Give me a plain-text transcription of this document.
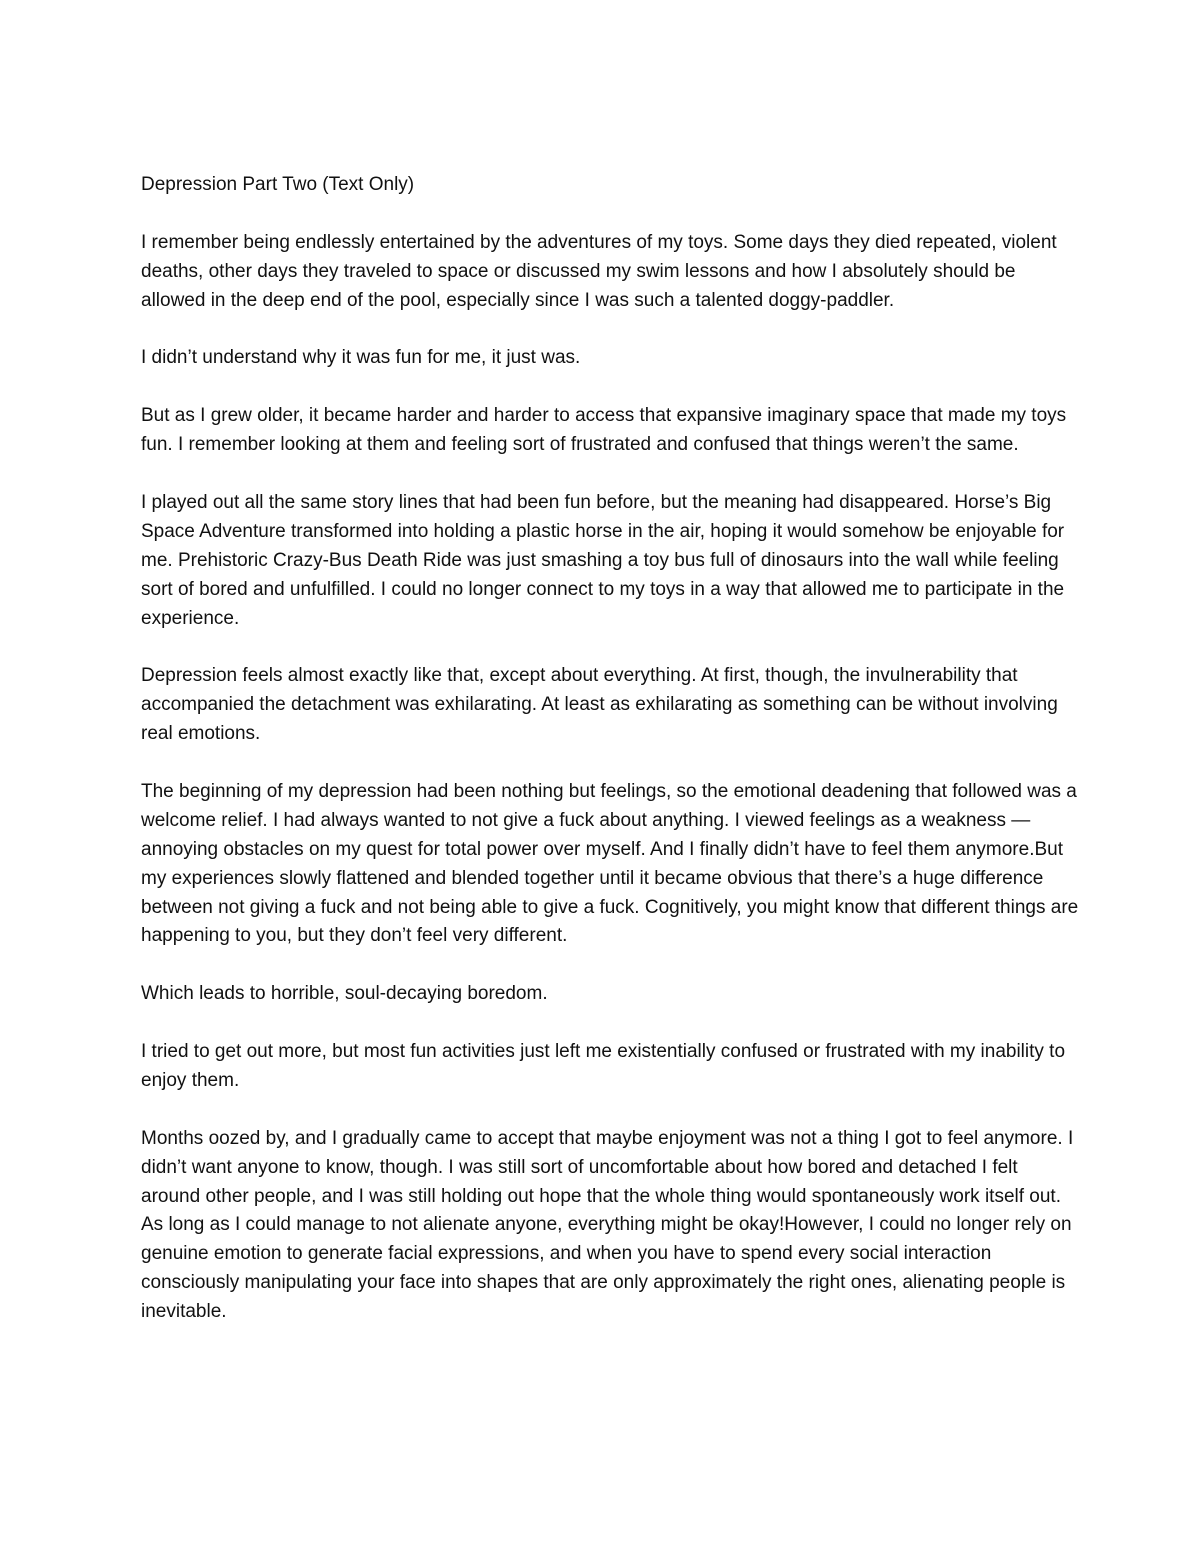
Depression Part Two (Text Only)

I remember being endlessly entertained by the adventures of my toys. Some days they died repeated, violent deaths, other days they traveled to space or discussed my swim lessons and how I absolutely should be allowed in the deep end of the pool, especially since I was such a talented doggy-paddler.

I didn’t understand why it was fun for me, it just was.

But as I grew older, it became harder and harder to access that expansive imaginary space that made my toys fun. I remember looking at them and feeling sort of frustrated and confused that things weren’t the same.

I played out all the same story lines that had been fun before, but the meaning had disappeared. Horse’s Big Space Adventure transformed into holding a plastic horse in the air, hoping it would somehow be enjoyable for me. Prehistoric Crazy-Bus Death Ride was just smashing a toy bus full of dinosaurs into the wall while feeling sort of bored and unfulfilled. I could no longer connect to my toys in a way that allowed me to participate in the experience.

Depression feels almost exactly like that, except about everything. At first, though, the invulnerability that accompanied the detachment was exhilarating. At least as exhilarating as something can be without involving real emotions.

The beginning of my depression had been nothing but feelings, so the emotional deadening that followed was a welcome relief. I had always wanted to not give a fuck about anything. I viewed feelings as a weakness — annoying obstacles on my quest for total power over myself. And I finally didn’t have to feel them anymore.But my experiences slowly flattened and blended together until it became obvious that there’s a huge difference between not giving a fuck and not being able to give a fuck. Cognitively, you might know that different things are happening to you, but they don’t feel very different.

Which leads to horrible, soul-decaying boredom.

I tried to get out more, but most fun activities just left me existentially confused or frustrated with my inability to enjoy them.

Months oozed by, and I gradually came to accept that maybe enjoyment was not a thing I got to feel anymore. I didn’t want anyone to know, though. I was still sort of uncomfortable about how bored and detached I felt around other people, and I was still holding out hope that the whole thing would spontaneously work itself out. As long as I could manage to not alienate anyone, everything might be okay!However, I could no longer rely on genuine emotion to generate facial expressions, and when you have to spend every social interaction consciously manipulating your face into shapes that are only approximately the right ones, alienating people is inevitable.
